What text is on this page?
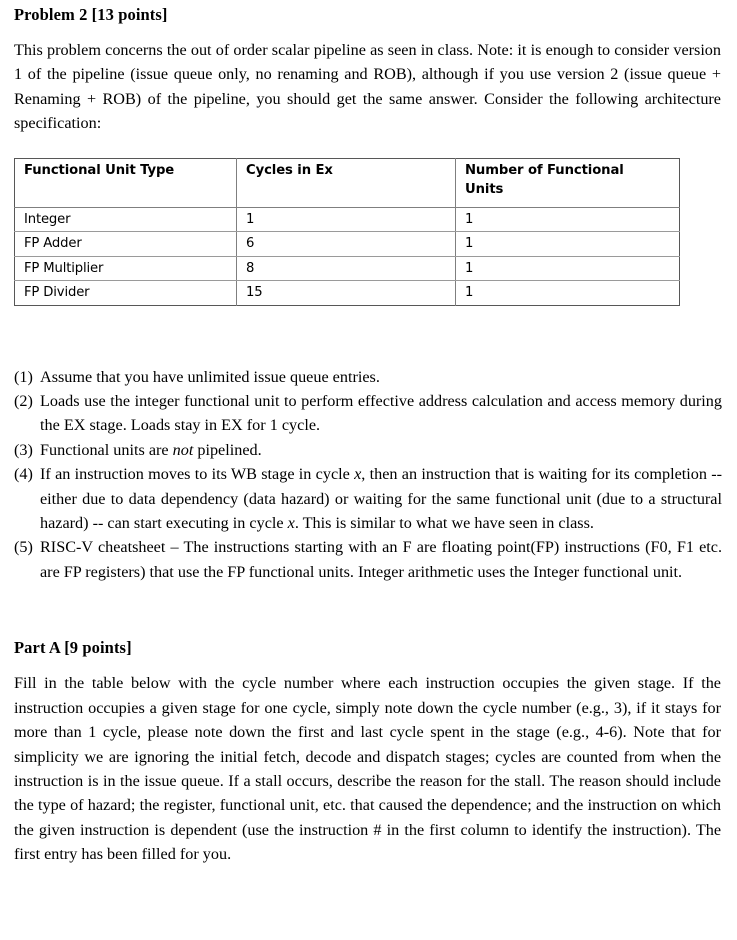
Problem 2 [13 points]

This problem concerns the out of order scalar pipeline as seen in class. Note: it is enough to consider version 1 of the pipeline (issue queue only, no renaming and ROB), although if you use version 2 (issue queue + Renaming + ROB) of the pipeline, you should get the same answer. Consider the following architecture specification:

Functional Unit Type	Cycles in Ex	Number of Functional
Units

Integer	1	1
FP Adder	6	1
FP Multiplier	8	1
FP Divider	15	1
(1) Assume that you have unlimited issue queue entries.
(2) Loads use the integer functional unit to perform effective address calculation and access memory during the EX stage. Loads stay in EX for 1 cycle.
(3) Functional units are not pipelined.
(4) If an instruction moves to its WB stage in cycle x, then an instruction that is waiting for its completion -- either due to data dependency (data hazard) or waiting for the same functional unit (due to a structural hazard) -- can start executing in cycle x. This is similar to what we have seen in class.
(5) RISC-V cheatsheet – The instructions starting with an F are floating point(FP) instructions (F0, F1 etc. are FP registers) that use the FP functional units. Integer arithmetic uses the Integer functional unit.
Part A [9 points]

Fill in the table below with the cycle number where each instruction occupies the given stage. If the instruction occupies a given stage for one cycle, simply note down the cycle number (e.g., 3), if it stays for more than 1 cycle, please note down the first and last cycle spent in the stage (e.g., 4-6). Note that for simplicity we are ignoring the initial fetch, decode and dispatch stages; cycles are counted from when the instruction is in the issue queue. If a stall occurs, describe the reason for the stall. The reason should include the type of hazard; the register, functional unit, etc. that caused the dependence; and the instruction on which the given instruction is dependent (use the instruction # in the first column to identify the instruction). The first entry has been filled for you.
